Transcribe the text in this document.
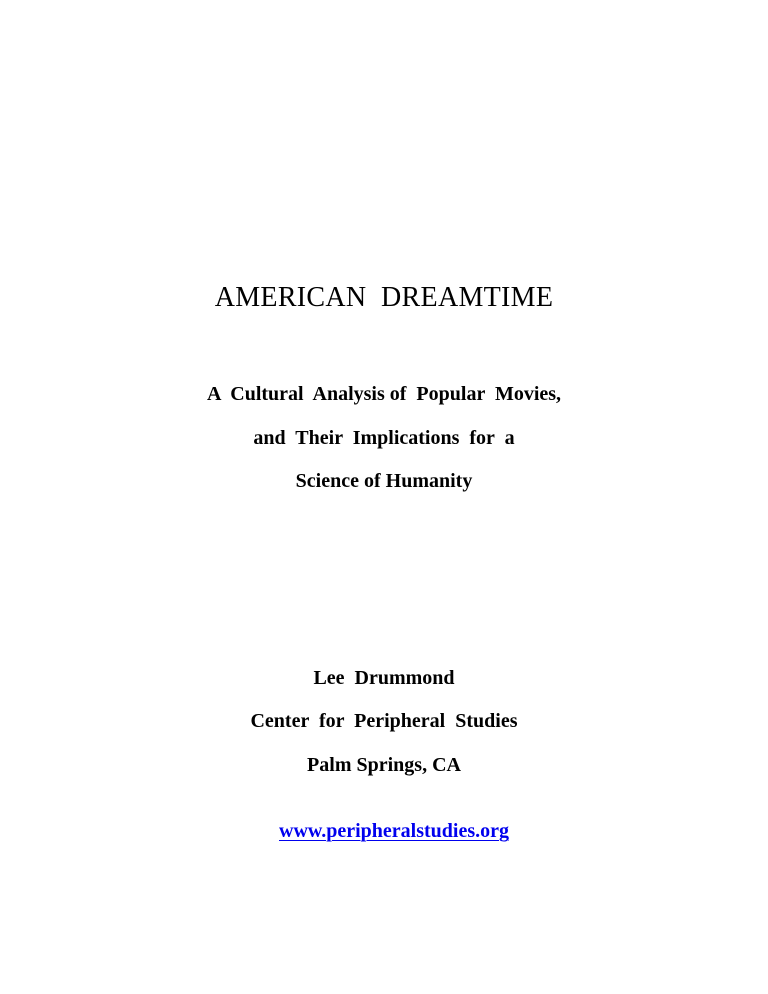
AMERICAN  DREAMTIME
A  Cultural  Analysis of  Popular  Movies,
and  Their  Implications  for  a
Science of Humanity
Lee  Drummond
Center  for  Peripheral  Studies
Palm Springs, CA

www.peripheralstudies.org
